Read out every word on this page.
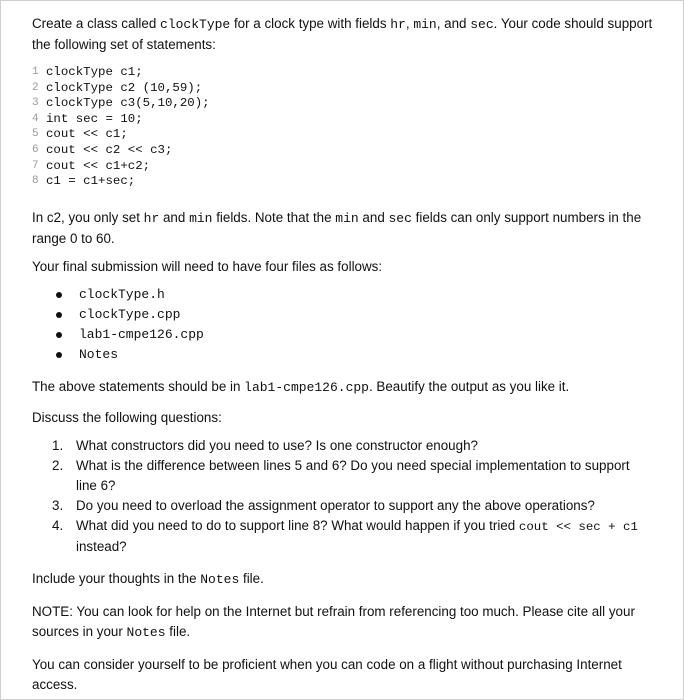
Create a class called clockType for a clock type with fields hr, min, and sec. Your code should support the following set of statements:

1 clockType c1;
2 clockType c2 (10,59);
3 clockType c3(5,10,20);
4 int sec = 10;
5 cout << c1;
6 cout << c2 << c3;
7 cout << c1+c2;
8 c1 = c1+sec;

In c2, you only set hr and min fields. Note that the min and sec fields can only support numbers in the range 0 to 60.

Your final submission will need to have four files as follows:

clockType.h
clockType.cpp
lab1-cmpe126.cpp
Notes

The above statements should be in lab1-cmpe126.cpp. Beautify the output as you like it.

Discuss the following questions:

1. What constructors did you need to use? Is one constructor enough?
2. What is the difference between lines 5 and 6? Do you need special implementation to support line 6?
3. Do you need to overload the assignment operator to support any the above operations?
4. What did you need to do to support line 8? What would happen if you tried cout << sec + c1 instead?

Include your thoughts in the Notes file.

NOTE: You can look for help on the Internet but refrain from referencing too much. Please cite all your sources in your Notes file.

You can consider yourself to be proficient when you can code on a flight without purchasing Internet access.
